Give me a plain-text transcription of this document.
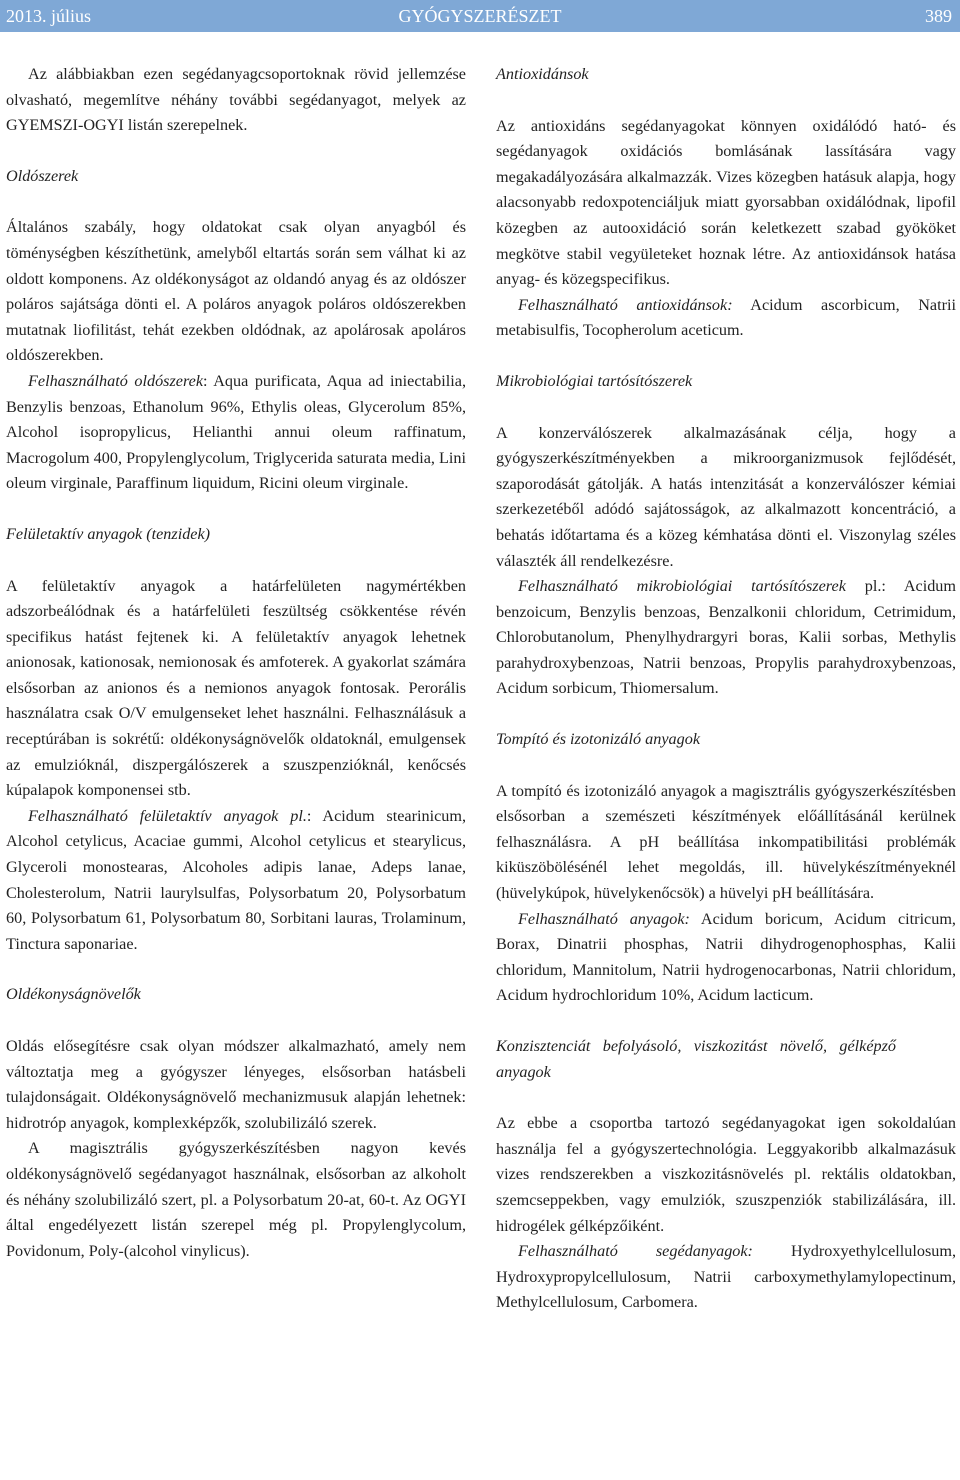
GYÓGYSZERÉSZET
2013. július	389

Az alábbiakban ezen segédanyagcsoportoknak rövid jellemzése olvasható, megemlítve néhány további segédanyagot, melyek az GYEMSZI-OGYI listán szerepelnek.

Oldószerek

Általános szabály, hogy oldatokat csak olyan anyagból és töménységben készíthetünk, amelyből eltartás során sem válhat ki az oldott komponens. Az oldékonyságot az oldandó anyag és az oldószer poláros sajátsága dönti el. A poláros anyagok poláros oldószerekben mutatnak liofilitást, tehát ezekben oldódnak, az apolárosak apoláros oldószerekben.

Felhasználható oldószerek: Aqua purificata, Aqua ad iniectabilia, Benzylis benzoas, Ethanolum 96%, Ethylis oleas, Glycerolum 85%, Alcohol isopropylicus, Helianthi annui oleum raffinatum, Macrogolum 400, Propylenglycolum, Triglycerida saturata media, Lini oleum virginale, Paraffinum liquidum, Ricini oleum virginale.

Felületaktív anyagok (tenzidek)

A felületaktív anyagok a határfelületen nagymértékben adszorbeálódnak és a határfelületi feszültség csökkentése révén specifikus hatást fejtenek ki. A felületaktív anyagok lehetnek anionosak, kationosak, nemionosak és amfoterek. A gyakorlat számára elsősorban az anionos és a nemionos anyagok fontosak. Perorális használatra csak O/V emulgenseket lehet használni. Felhasználásuk a receptúrában is sokrétű: oldékonyságnövelők oldatoknál, emulgensek az emulzióknál, diszpergálószerek a szuszpenzióknál, kenőcsés kúpalapok komponensei stb.

Felhasználható felületaktív anyagok pl.: Acidum stearinicum, Alcohol cetylicus, Acaciae gummi, Alcohol cetylicus et stearylicus, Glyceroli monostearas, Alcoholes adipis lanae, Adeps lanae, Cholesterolum, Natrii laurylsulfas, Polysorbatum 20, Polysorbatum 60, Polysorbatum 61, Polysorbatum 80, Sorbitani lauras, Trolaminum, Tinctura saponariae.

Oldékonyságnövelők

Oldás elősegítésre csak olyan módszer alkalmazható, amely nem változtatja meg a gyógyszer lényeges, elsősorban hatásbeli tulajdonságait. Oldékonyságnövelő mechanizmusuk alapján lehetnek: hidrotróp anyagok, komplexképzők, szolubilizáló szerek.

A magisztrális gyógyszerkészítésben nagyon kevés oldékonyságnövelő segédanyagot használnak, elsősorban az alkoholt és néhány szolubilizáló szert, pl. a Polysorbatum 20-at, 60-t. Az OGYI által engedélyezett listán szerepel még pl. Propylenglycolum, Povidonum, Poly-(alcohol vinylicus).

Antioxidánsok

Az antioxidáns segédanyagokat könnyen oxidálódó ható- és segédanyagok oxidációs bomlásának lassítására vagy megakadályozására alkalmazzák. Vizes közegben hatásuk alapja, hogy alacsonyabb redoxpotenciáljuk miatt gyorsabban oxidálódnak, lipofil közegben az autooxidáció során keletkezett szabad gyököket megkötve stabil vegyületeket hoznak létre. Az antioxidánsok hatása anyag- és közegspecifikus.

Felhasználható antioxidánsok: Acidum ascorbicum, Natrii metabisulfis, Tocopherolum aceticum.

Mikrobiológiai tartósítószerek

A konzerválószerek alkalmazásának célja, hogy a gyógyszerkészítményekben a mikroorganizmusok fejlődését, szaporodását gátolják. A hatás intenzitását a konzerválószer kémiai szerkezetéből adódó sajátosságok, az alkalmazott koncentráció, a behatás időtartama és a közeg kémhatása dönti el. Viszonylag széles választék áll rendelkezésre.

Felhasználható mikrobiológiai tartósítószerek pl.: Acidum benzoicum, Benzylis benzoas, Benzalkonii chloridum, Cetrimidum, Chlorobutanolum, Phenylhydrargyri boras, Kalii sorbas, Methylis parahydroxybenzoas, Natrii benzoas, Propylis parahydroxybenzoas, Acidum sorbicum, Thiomersalum.

Tompító és izotonizáló anyagok

A tompító és izotonizáló anyagok a magisztrális gyógyszerkészítésben elsősorban a szemészeti készítmények előállításánál kerülnek felhasználásra. A pH beállítása inkompatibilitási problémák kiküszöbölésénél lehet megoldás, ill. hüvelykészítményeknél (hüvelykúpok, hüvelykenőcsök) a hüvelyi pH beállítására.

Felhasználható anyagok: Acidum boricum, Acidum citricum, Borax, Dinatrii phosphas, Natrii dihydrogenophosphas, Kalii chloridum, Mannitolum, Natrii hydrogenocarbonas, Natrii chloridum, Acidum hydrochloridum 10%, Acidum lacticum.

Konzisztenciát befolyásoló, viszkozitást növelő, gélképző anyagok

Az ebbe a csoportba tartozó segédanyagokat igen sokoldalúan használja fel a gyógyszertechnológia. Leggyakoribb alkalmazásuk vizes rendszerekben a viszkozitásnövelés pl. rektális oldatokban, szemcseppekben, vagy emulziók, szuszpenziók stabilizálására, ill. hidrogélek gélképzőiként.

Felhasználható segédanyagok: Hydroxyethylcellulosum, Hydroxypropylcellulosum, Natrii carboxymethylamylopectinum, Methylcellulosum, Carbomera.
